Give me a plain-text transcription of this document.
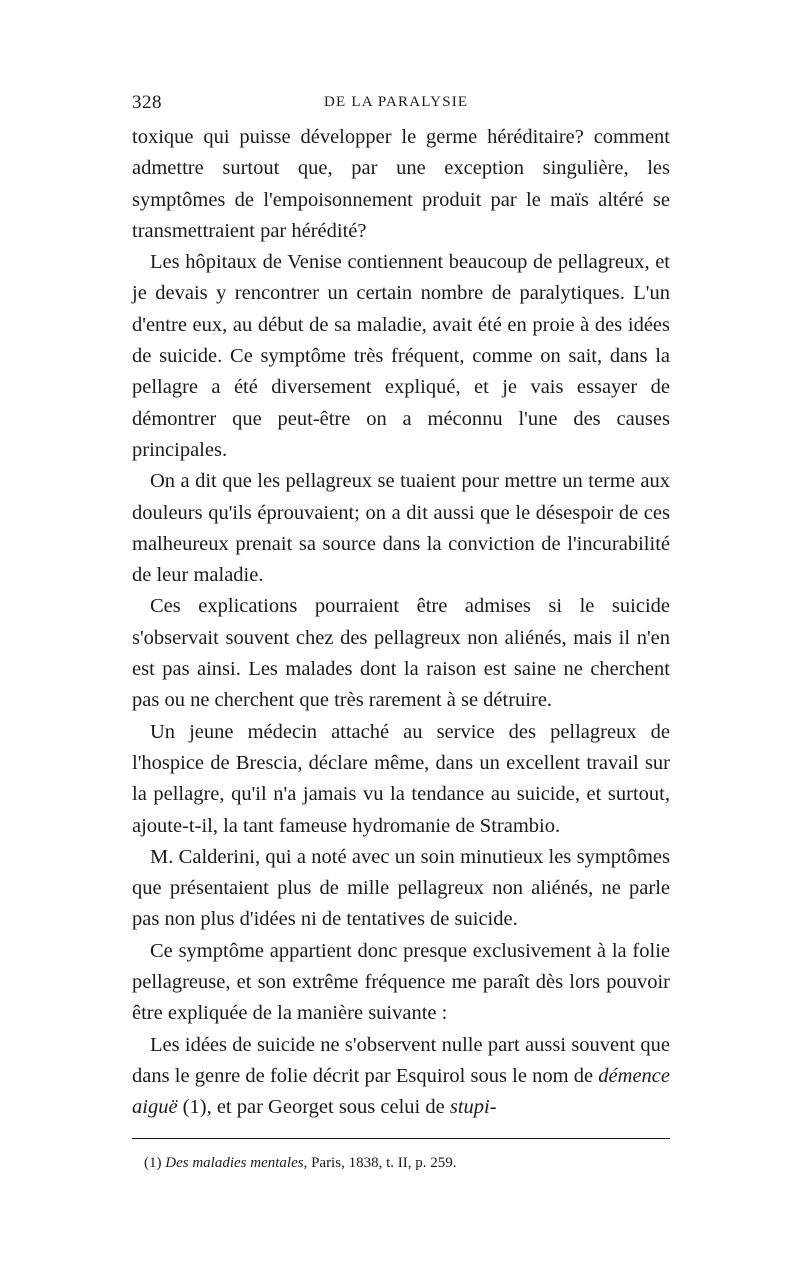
328	DE LA PARALYSIE

toxique qui puisse développer le germe héréditaire? comment admettre surtout que, par une exception singulière, les symptômes de l'empoisonnement produit par le maïs altéré se transmettraient par hérédité?

Les hôpitaux de Venise contiennent beaucoup de pellagreux, et je devais y rencontrer un certain nombre de paralytiques. L'un d'entre eux, au début de sa maladie, avait été en proie à des idées de suicide. Ce symptôme très fréquent, comme on sait, dans la pellagre a été diversement expliqué, et je vais essayer de démontrer que peut-être on a méconnu l'une des causes principales.

On a dit que les pellagreux se tuaient pour mettre un terme aux douleurs qu'ils éprouvaient; on a dit aussi que le désespoir de ces malheureux prenait sa source dans la conviction de l'incurabilité de leur maladie.

Ces explications pourraient être admises si le suicide s'observait souvent chez des pellagreux non aliénés, mais il n'en est pas ainsi. Les malades dont la raison est saine ne cherchent pas ou ne cherchent que très rarement à se détruire.

Un jeune médecin attaché au service des pellagreux de l'hospice de Brescia, déclare même, dans un excellent travail sur la pellagre, qu'il n'a jamais vu la tendance au suicide, et surtout, ajoute-t-il, la tant fameuse hydromanie de Strambio.

M. Calderini, qui a noté avec un soin minutieux les symptômes que présentaient plus de mille pellagreux non aliénés, ne parle pas non plus d'idées ni de tentatives de suicide.

Ce symptôme appartient donc presque exclusivement à la folie pellagreuse, et son extrême fréquence me paraît dès lors pouvoir être expliquée de la manière suivante :

Les idées de suicide ne s'observent nulle part aussi souvent que dans le genre de folie décrit par Esquirol sous le nom de démence aiguë (1), et par Georget sous celui de stupi-

(1) Des maladies mentales, Paris, 1838, t. II, p. 259.
